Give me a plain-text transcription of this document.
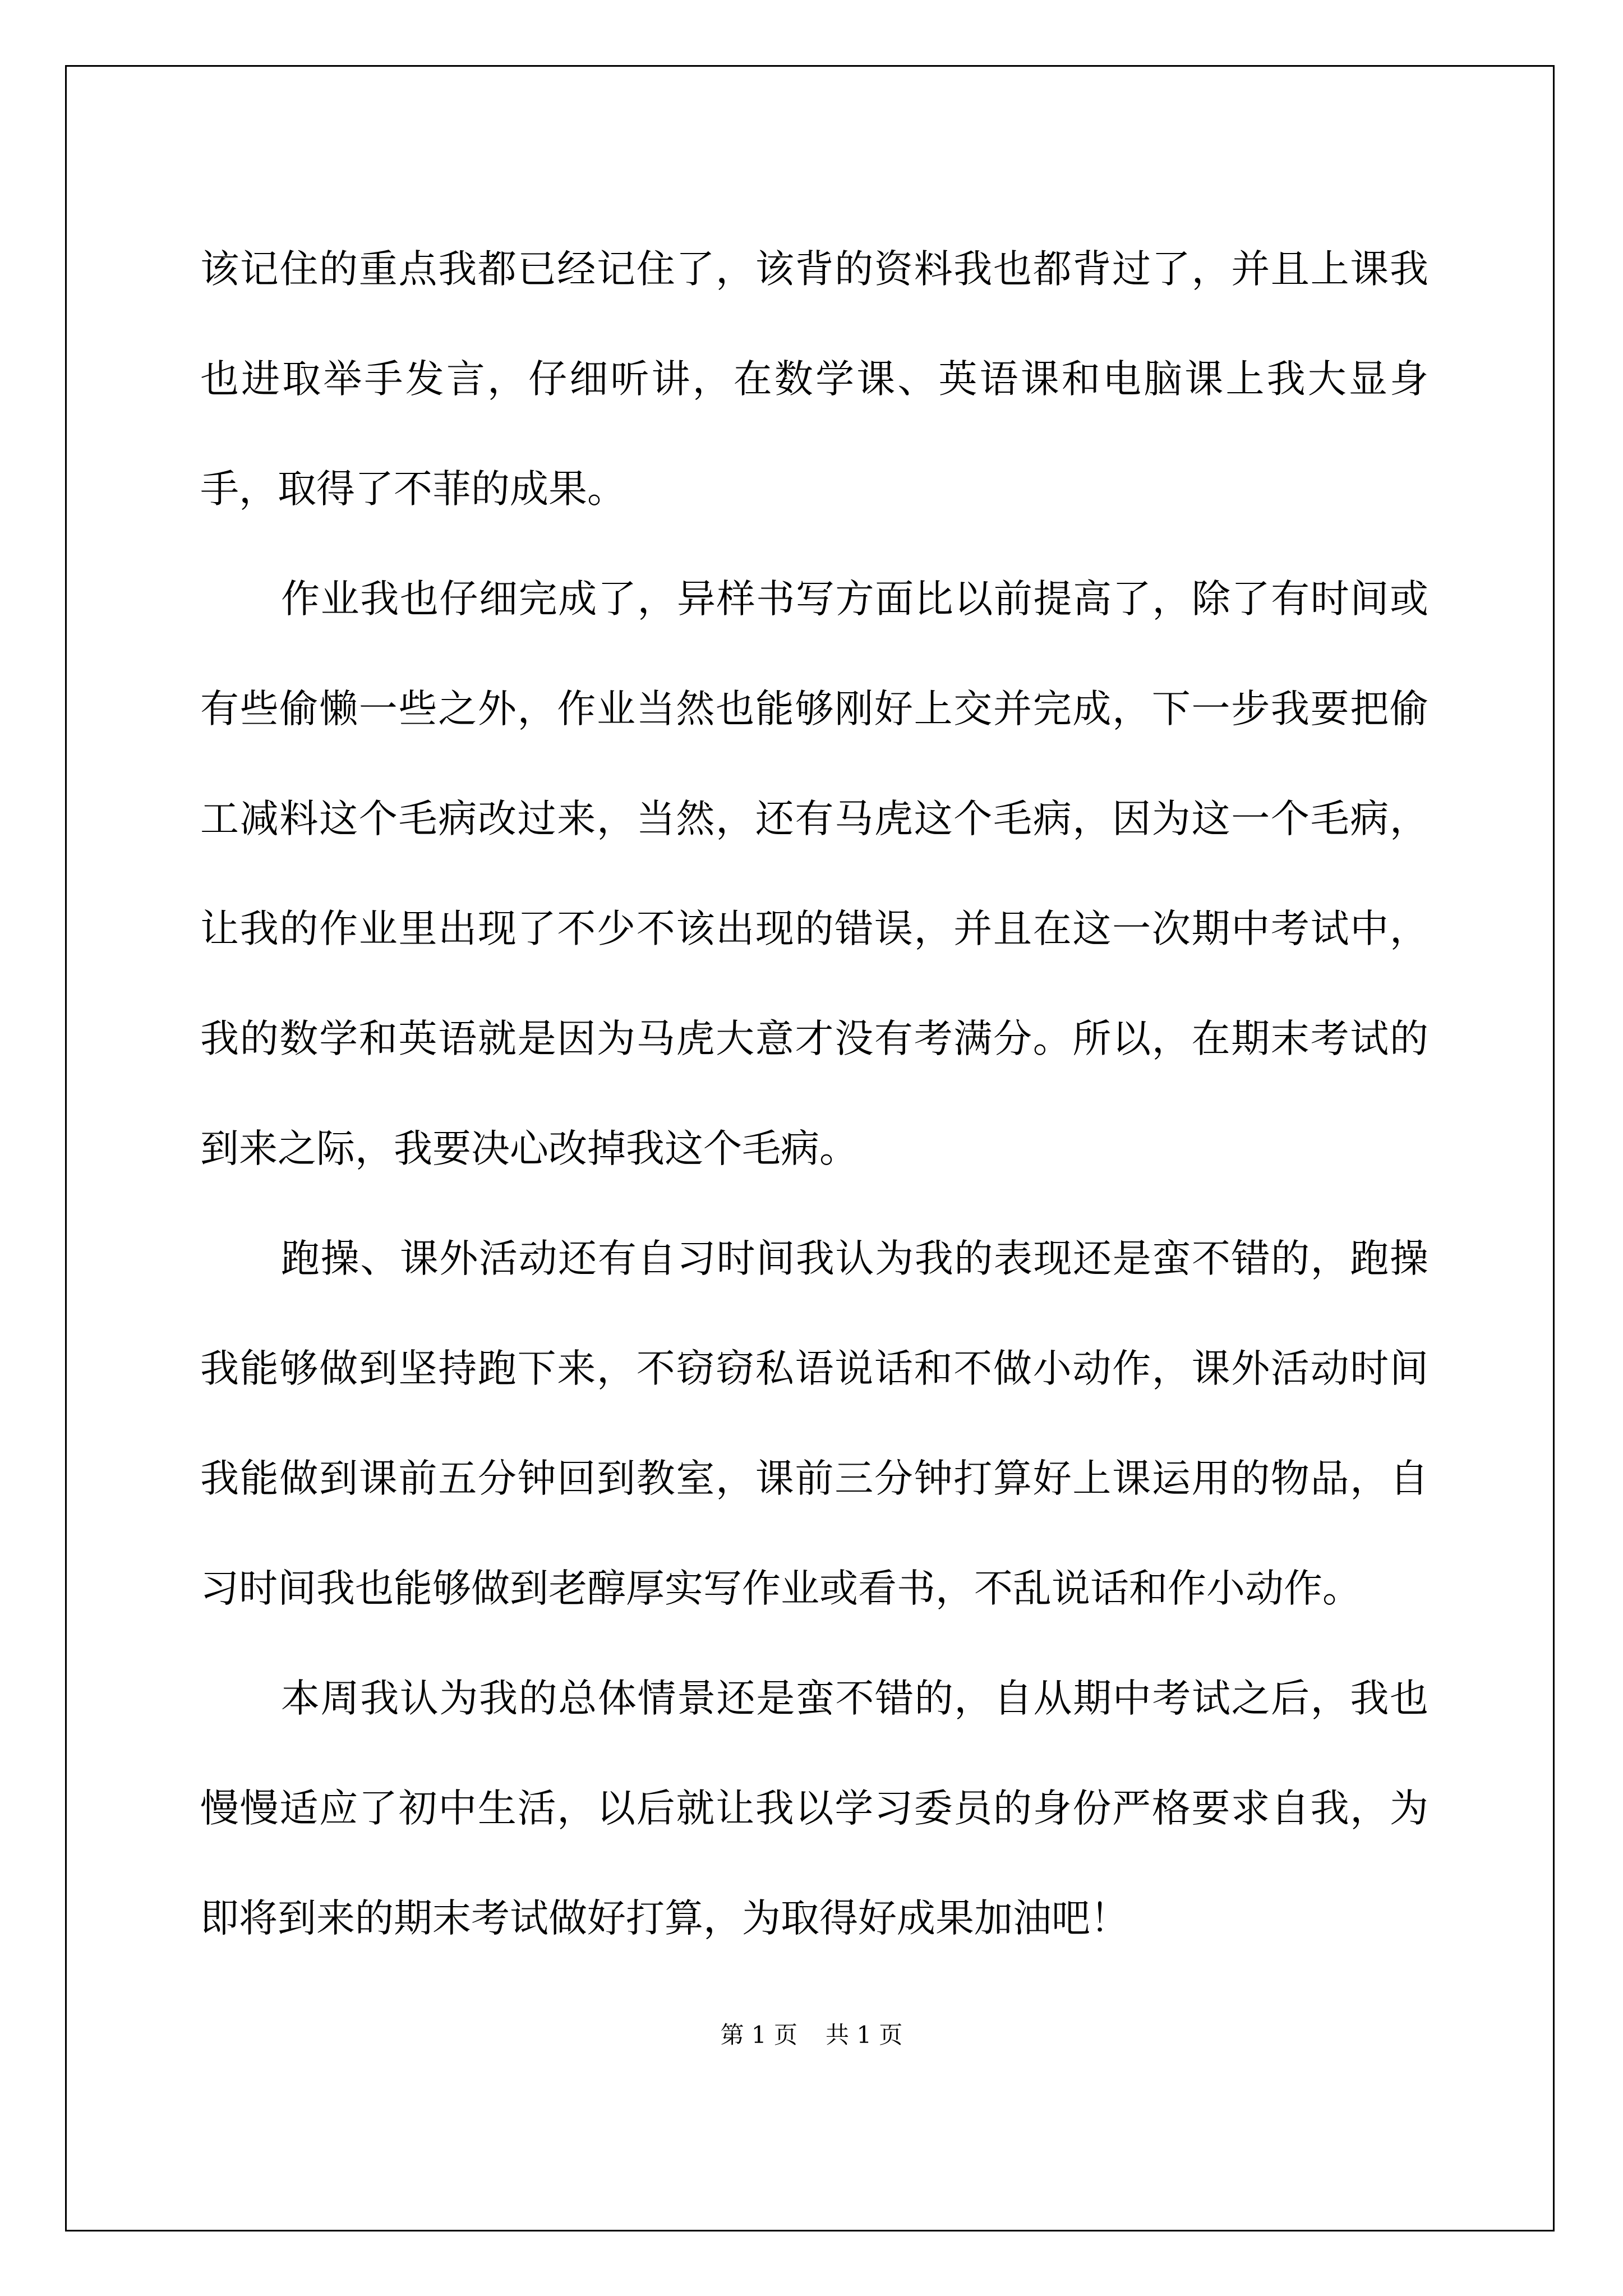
该记住的重点我都已经记住了，该背的资料我也都背过了，并且上课我也进取举手发言，仔细听讲，在数学课、英语课和电脑课上我大显身手，取得了不菲的成果。

作业我也仔细完成了，异样书写方面比以前提高了，除了有时间或有些偷懒一些之外，作业当然也能够刚好上交并完成，下一步我要把偷工减料这个毛病改过来，当然，还有马虎这个毛病，因为这一个毛病，让我的作业里出现了不少不该出现的错误，并且在这一次期中考试中，我的数学和英语就是因为马虎大意才没有考满分。所以，在期末考试的到来之际，我要决心改掉我这个毛病。

跑操、课外活动还有自习时间我认为我的表现还是蛮不错的，跑操我能够做到坚持跑下来，不窃窃私语说话和不做小动作，课外活动时间我能做到课前五分钟回到教室，课前三分钟打算好上课运用的物品，自习时间我也能够做到老醇厚实写作业或看书，不乱说话和作小动作。

本周我认为我的总体情景还是蛮不错的，自从期中考试之后，我也慢慢适应了初中生活，以后就让我以学习委员的身份严格要求自我，为即将到来的期末考试做好打算，为取得好成果加油吧！

第 1 页 共 1 页
